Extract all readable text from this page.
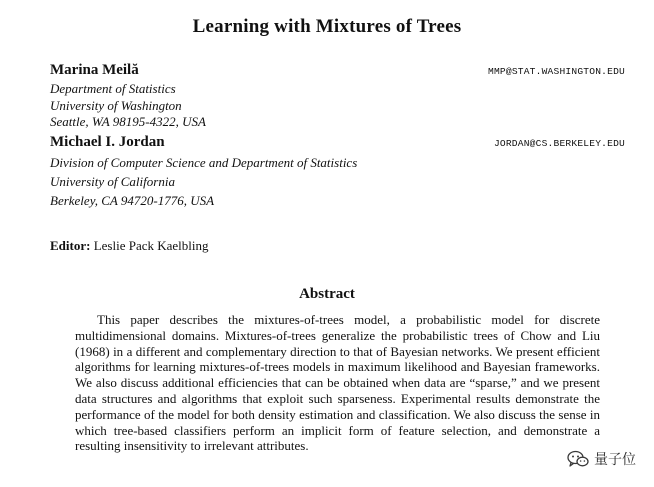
Learning with Mixtures of Trees
Marina Meilă	MMP@STAT.WASHINGTON.EDU
Department of Statistics
University of Washington
Seattle, WA 98195-4322, USA
Michael I. Jordan	JORDAN@CS.BERKELEY.EDU
Division of Computer Science and Department of Statistics
University of California
Berkeley, CA 94720-1776, USA
Editor: Leslie Pack Kaelbling
Abstract
This paper describes the mixtures-of-trees model, a probabilistic model for discrete multidimensional domains. Mixtures-of-trees generalize the probabilistic trees of Chow and Liu (1968) in a different and complementary direction to that of Bayesian networks. We present efficient algorithms for learning mixtures-of-trees models in maximum likelihood and Bayesian frameworks. We also discuss additional efficiencies that can be obtained when data are “sparse,” and we present data structures and algorithms that exploit such sparseness. Experimental results demonstrate the performance of the model for both density estimation and classification. We also discuss the sense in which tree-based classifiers perform an implicit form of feature selection, and demonstrate a resulting insensitivity to irrelevant attributes.
量子位
